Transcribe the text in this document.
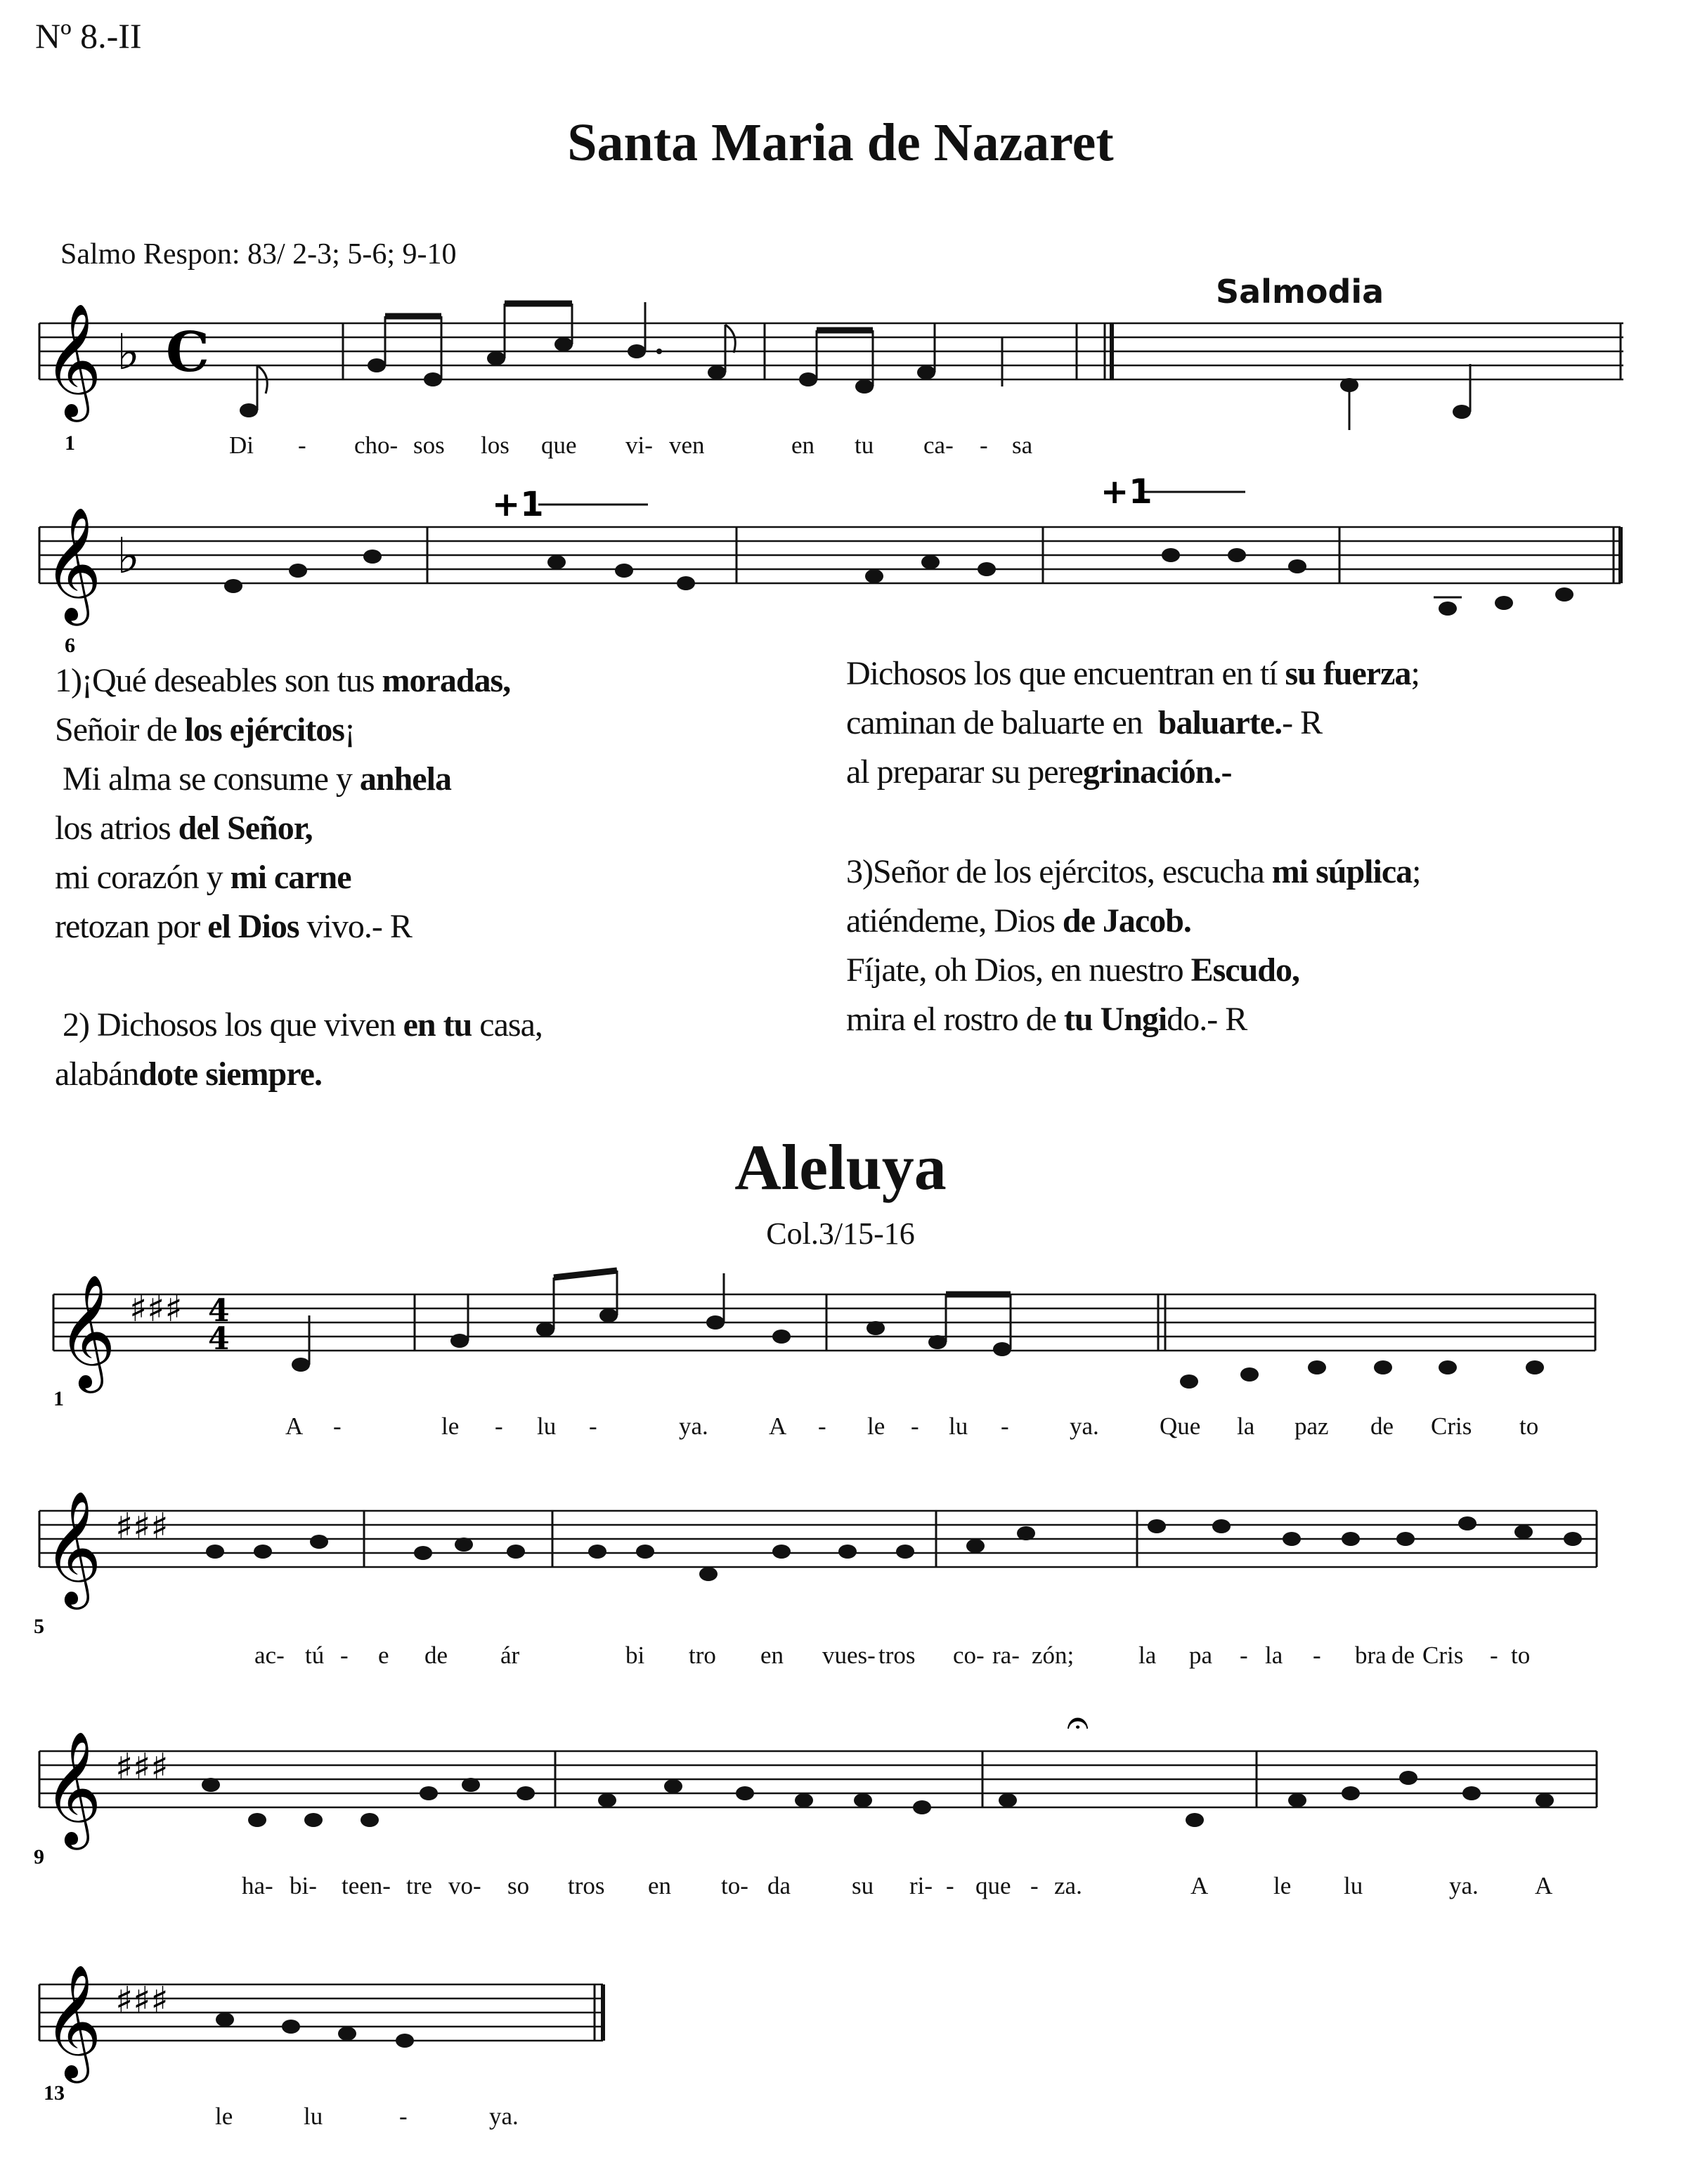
Nº 8.-II
Santa Maria de Nazaret
Salmo Respon: 83/ 2-3; 5-6; 9-10
Salmodia
𝄞 ♭ C
1	Di - cho- sos los que vi- ven	en tu ca- - sa
+1	+1
𝄞 ♭
6
1)¡Qué deseables son tus moradas,
Señoir de los ejércitos¡
Mi alma se consume y anhela
los atrios del Señor,
mi corazón y mi carne
retozan por el Dios vivo.- R
2) Dichosos los que viven en tu casa,
alabándote siempre.
Dichosos los que encuentran en tí su fuerza;
caminan de baluarte en  baluarte.- R
al preparar su peregrinación.-
3)Señor de los ejércitos, escucha mi súplica;
atiéndeme, Dios de Jacob.
Fíjate, oh Dios, en nuestro Escudo,
mira el rostro de tu Ungido.- R
Aleluya
Col.3/15-16
𝄞 ♯♯♯ 4
4
1
𝄞 ♯♯♯
5
𝄞 ♯♯♯
𝄐
9
𝄞 ♯♯♯
13
A -	le - lu -	ya. A - le - lu - ya. Que la paz de Cris to
ac- tú - e de ár	bi tro en vues- tros co- ra- zón;	la pa - la - bra de Cris - to
ha- bi- teen- tre vo- so tros en to- da su ri- - que - za.	A	le lu	ya. A
le	lu	-	ya.
